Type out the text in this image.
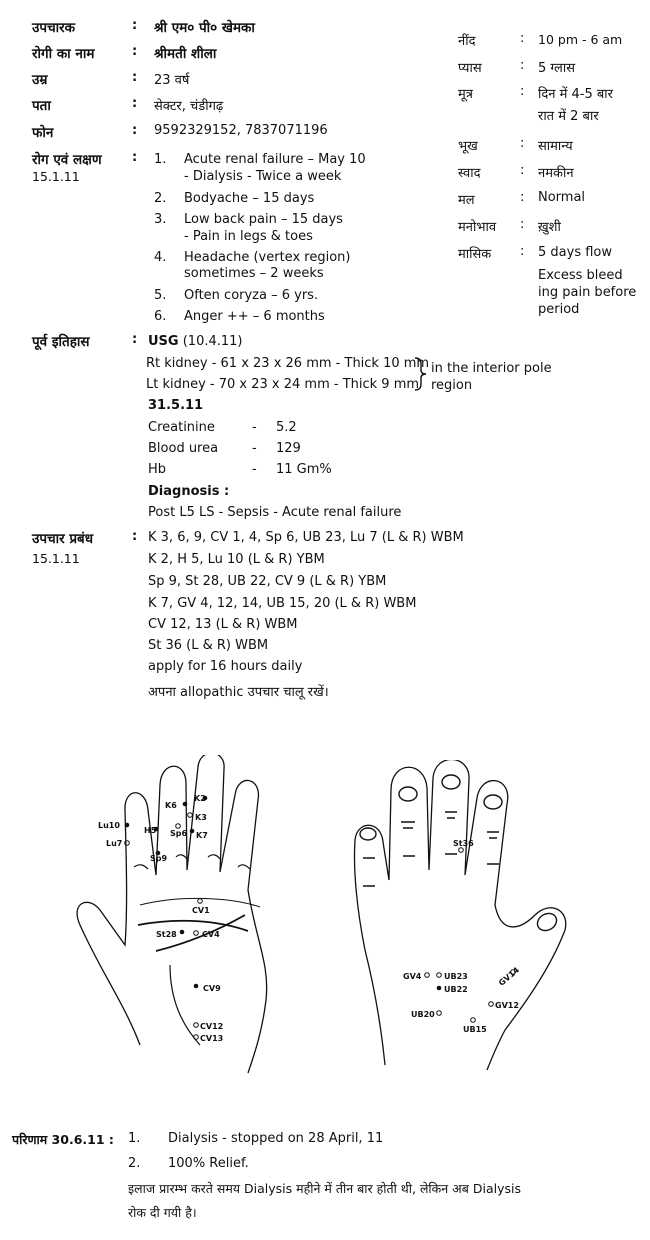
उपचारक	: श्री एम० पी० खेमका
रोगी का नाम	: श्रीमती शीला
उम्र	: 23 वर्ष
पता	: सेक्टर, चंडीगढ़
फोन	: 9592329152, 7837071196
नींद	: 10 pm - 6 am
प्यास	: 5 ग्लास
मूत्र	: दिन में 4-5 बार
रात में 2 बार
भूख	: सामान्य
स्वाद	: नमकीन
मल	: Normal
मनोभाव : ख़ुशी
मासिक : 5 days flow
Excess bleed
ing pain before
period
रोग एवं लक्षण :
15.1.11
1. Acute renal failure – May 10
- Dialysis - Twice a week
2. Bodyache – 15 days
3. Low back pain – 15 days
- Pain in legs & toes
4. Headache (vertex region)
sometimes – 2 weeks
5. Often coryza – 6 yrs.
6. Anger ++ – 6 months
पूर्व इतिहास	: USG (10.4.11)
Rt kidney - 61 x 23 x 26 mm - Thick 10 mm
Lt kidney - 70 x 23 x 24 mm - Thick 9 mm
in the interior pole
region
31.5.11
Creatinine	- 5.2
Blood urea	- 129
Hb	- 11 Gm%
Diagnosis :
Post L5 LS - Sepsis - Acute renal failure
उपचार प्रबंध	:
15.1.11
K 3, 6, 9, CV 1, 4, Sp 6, UB 23, Lu 7 (L & R) WBM
K 2, H 5, Lu 10 (L & R) YBM
Sp 9, St 28, UB 22, CV 9 (L & R) YBM
K 7, GV 4, 12, 14, UB 15, 20 (L & R) WBM
CV 12, 13 (L & R) WBM
St 36 (L & R) WBM
apply for 16 hours daily
अपना allopathic उपचार चालू रखें।
Lu10
Lu7
H5
Sp9
K2
K6
K3
Sp6 K7
CV1
St28	CV4
CV9
CV12
CV13
St36
GV4	UB23
UB22
GV14
GV12
UB20
UB15
परिणाम 30.6.11 : 1. Dialysis - stopped on 28 April, 11
2. 100% Relief.
इलाज प्रारम्भ करते समय Dialysis महीने में तीन बार होती थी, लेकिन अब Dialysis
रोक दी गयी है।
